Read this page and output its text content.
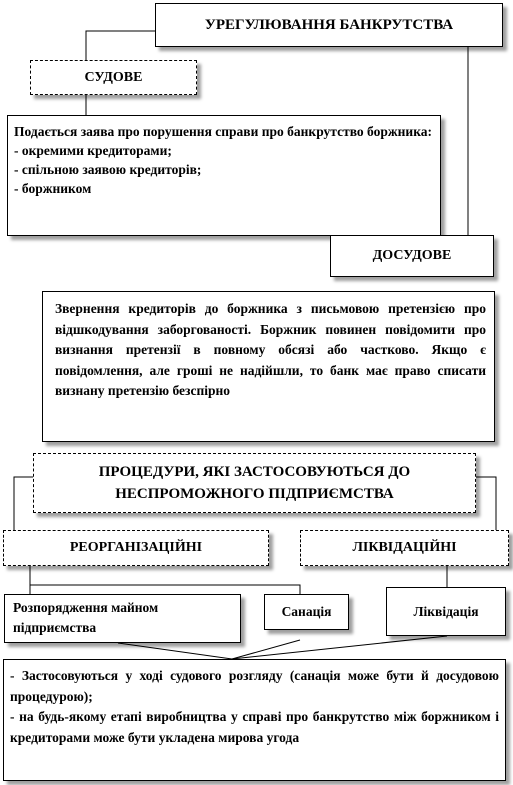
УРЕГУЛЮВАННЯ БАНКРУТСТВА
СУДОВЕ

Подається заява про порушення справи про банкрутство боржника:

- окремими кредиторами;

- спільною заявою кредиторів;

- боржником

ДОСУДОВЕ
Звернення кредиторів до боржника з письмовою претензією про відшкодування заборгованості. Боржник повинен повідомити про визнання претензії в повному обсязі або частково. Якщо є повідомлення, але гроші не надійшли, то банк має право списати визнану претензію безспірно
ПРОЦЕДУРИ, ЯКІ ЗАСТОСОВУЮТЬСЯ ДО НЕСПРОМОЖНОГО ПІДПРИЄМСТВА
РЕОРГАНІЗАЦІЙНІ	ЛІКВІДАЦІЙНІ
Розпорядження майном підприємства
Санація	Ліквідація

- Застосовуються у ході судового розгляду (санація може бути й досудовою процедурою);

- на будь-якому етапі виробництва у справі про банкрутство між боржником і кредиторами може бути укладена мирова угода
